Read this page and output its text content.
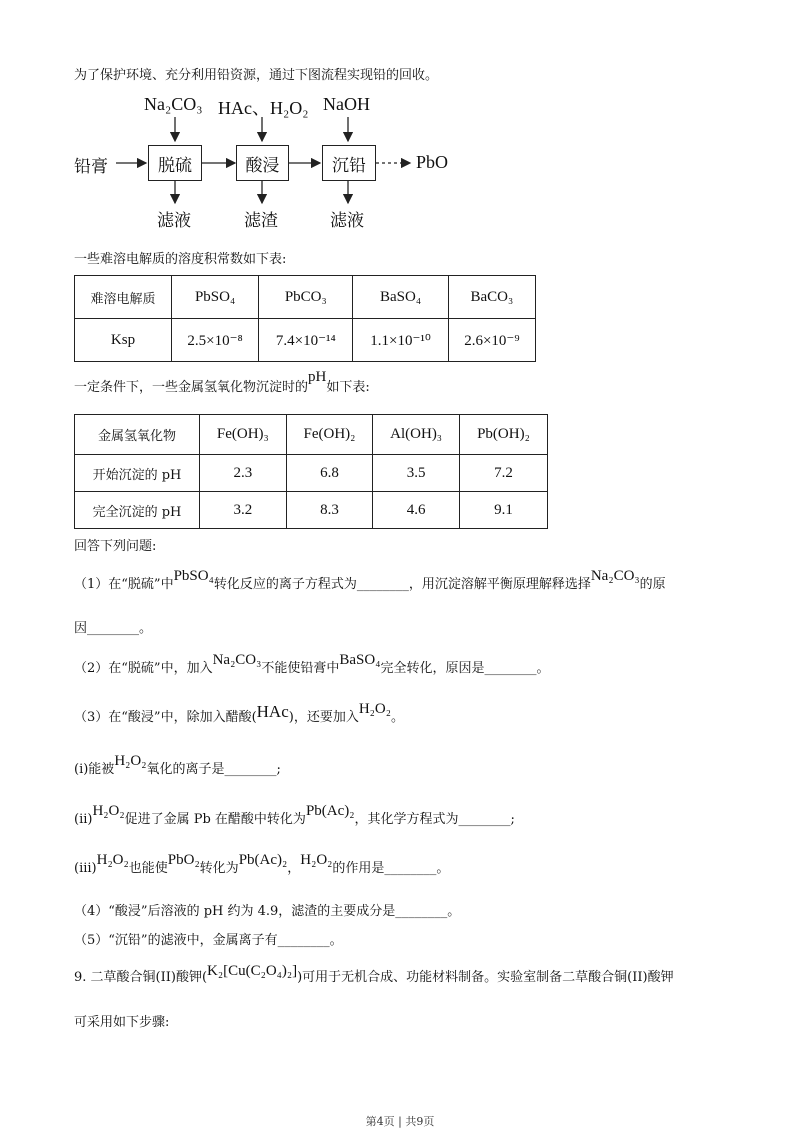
为了保护环境、充分利用铅资源，通过下图流程实现铅的回收。
铅膏	脱硫	酸浸	沉铅
Na₂CO₃ HAc、H₂O₂ NaOH
PbO
滤液	滤渣	滤液
一些难溶电解质的溶度积常数如下表:
难溶电解质	PbSO₄	PbCO₃	BaSO₄	BaCO₃
Ksp	2.5×10⁻⁸	7.4×10⁻¹⁴	1.1×10⁻¹⁰	2.6×10⁻⁹
一定条件下，一些金属氢氧化物沉淀时的pH如下表:
金属氢氧化物	Fe(OH)₃	Fe(OH)₂	Al(OH)₃	Pb(OH)₂
开始沉淀的 pH	2.3	6.8	3.5	7.2
完全沉淀的 pH	3.2	8.3	4.6	9.1
回答下列问题:
（1）在“脱硫”中PbSO₄转化反应的离子方程式为________，用沉淀溶解平衡原理解释选择Na₂CO₃的原
因________。
（2）在“脱硫”中，加入Na₂CO₃不能使铅膏中BaSO₄完全转化，原因是________。
（3）在“酸浸”中，除加入醋酸(HAc)，还要加入H₂O₂。
(i)能被H₂O₂氧化的离子是________;
(ii)H₂O₂促进了金属 Pb 在醋酸中转化为Pb(Ac)₂，其化学方程式为________;
(iii)H₂O₂也能使PbO₂转化为Pb(Ac)₂，H₂O₂的作用是________。
（4）“酸浸”后溶液的 pH 约为 4.9，滤渣的主要成分是________。
（5）“沉铅”的滤液中，金属离子有________。
9. 二草酸合铜(II)酸钾(K₂[Cu(C₂O₄)₂])可用于无机合成、功能材料制备。实验室制备二草酸合铜(II)酸钾
可采用如下步骤:
第4页 | 共9页
